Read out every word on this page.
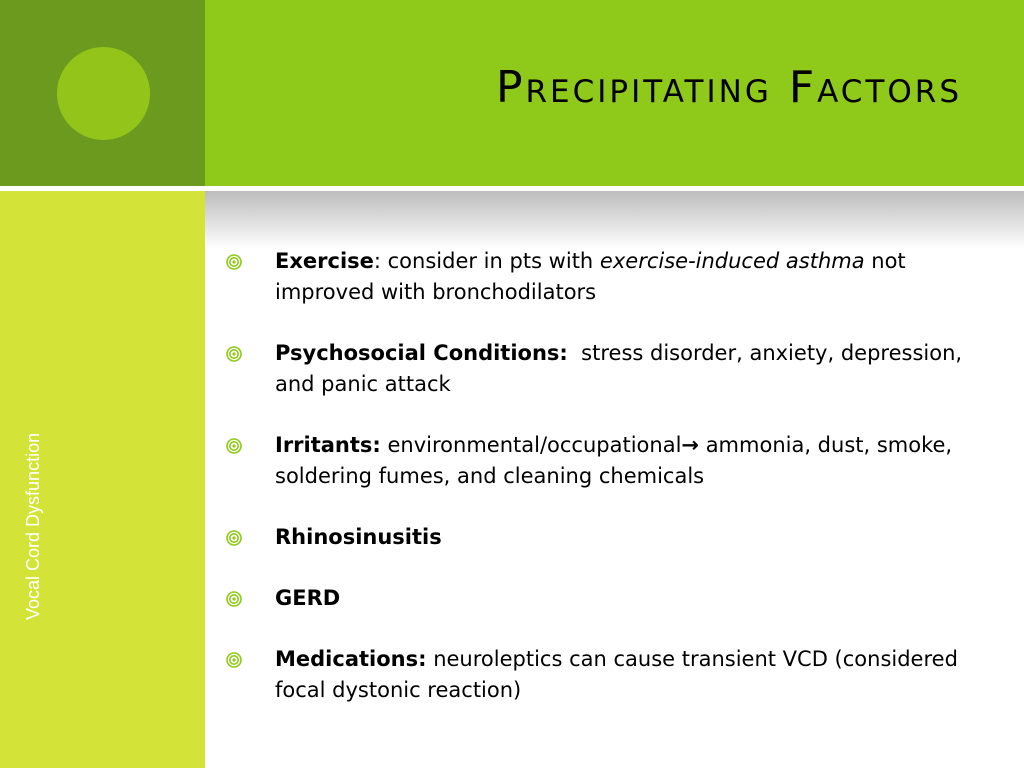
Precipitating Factors
Vocal Cord Dysfunction
Exercise: consider in pts with exercise-induced asthma not improved with bronchodilators
Psychosocial Conditions:  stress disorder, anxiety, depression, and panic attack
Irritants: environmental/occupational→ ammonia, dust, smoke, soldering fumes, and cleaning chemicals
Rhinosinusitis
GERD
Medications: neuroleptics can cause transient VCD (considered focal dystonic reaction)
